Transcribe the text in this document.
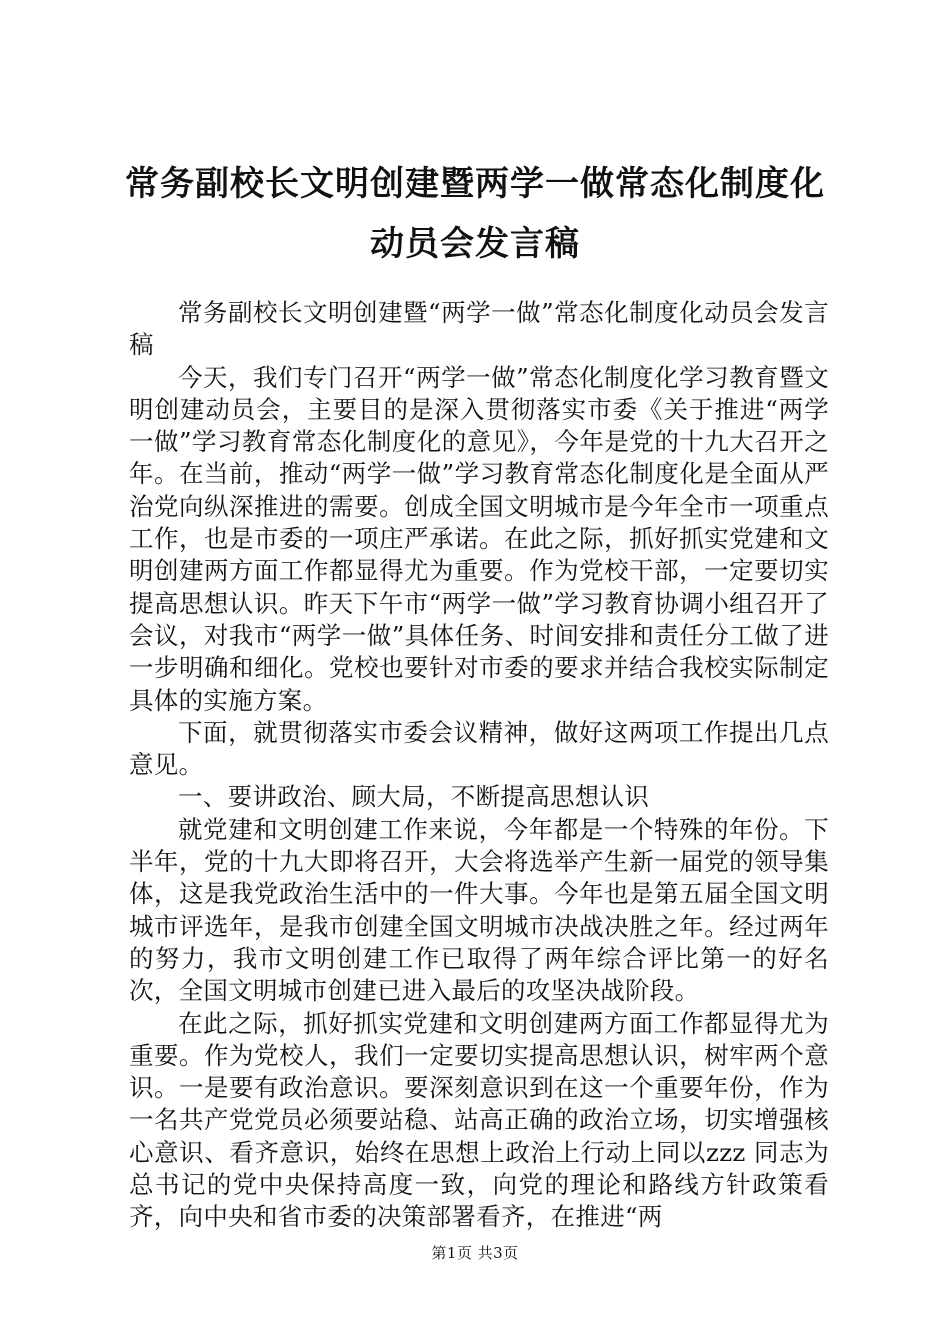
常务副校长文明创建暨两学一做常态化制度化
动员会发言稿

常务副校长文明创建暨“两学一做”常态化制度化动员会发言稿

今天，我们专门召开“两学一做”常态化制度化学习教育暨文明创建动员会，主要目的是深入贯彻落实市委《关于推进“两学一做”学习教育常态化制度化的意见》，今年是党的十九大召开之年。在当前，推动“两学一做”学习教育常态化制度化是全面从严治党向纵深推进的需要。创成全国文明城市是今年全市一项重点工作，也是市委的一项庄严承诺。在此之际，抓好抓实党建和文明创建两方面工作都显得尤为重要。作为党校干部，一定要切实提高思想认识。昨天下午市“两学一做”学习教育协调小组召开了会议，对我市“两学一做”具体任务、时间安排和责任分工做了进一步明确和细化。党校也要针对市委的要求并结合我校实际制定具体的实施方案。

下面，就贯彻落实市委会议精神，做好这两项工作提出几点意见。

一、要讲政治、顾大局，不断提高思想认识

就党建和文明创建工作来说，今年都是一个特殊的年份。下半年，党的十九大即将召开，大会将选举产生新一届党的领导集体，这是我党政治生活中的一件大事。今年也是第五届全国文明城市评选年，是我市创建全国文明城市决战决胜之年。经过两年的努力，我市文明创建工作已取得了两年综合评比第一的好名次，全国文明城市创建已进入最后的攻坚决战阶段。

在此之际，抓好抓实党建和文明创建两方面工作都显得尤为重要。作为党校人，我们一定要切实提高思想认识，树牢两个意识。一是要有政治意识。要深刻意识到在这一个重要年份，作为一名共产党党员必须要站稳、站高正确的政治立场，切实增强核心意识、看齐意识，始终在思想上政治上行动上同以zzz 同志为总书记的党中央保持高度一致，向党的理论和路线方针政策看齐，向中央和省市委的决策部署看齐，在推进“两

第1页 共3页
